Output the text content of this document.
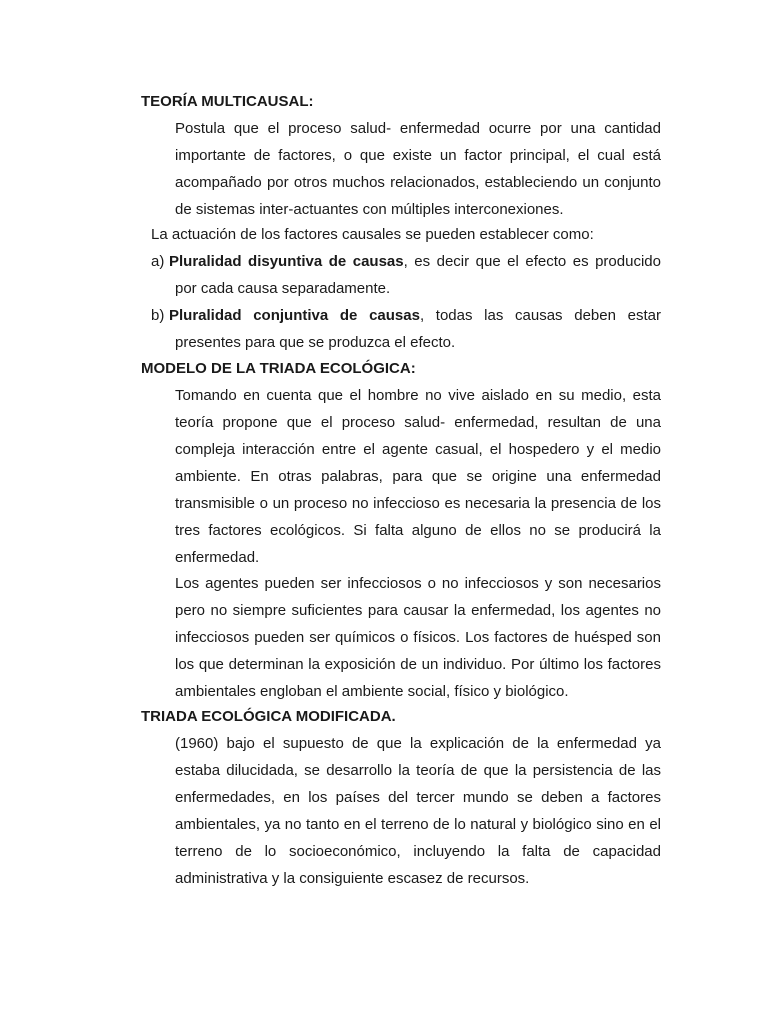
TEORÍA MULTICAUSAL:

Postula que el proceso salud- enfermedad ocurre por una cantidad importante de factores, o que existe un factor principal, el cual está acompañado por otros muchos relacionados, estableciendo un conjunto de sistemas inter-actuantes con múltiples interconexiones.

La actuación de los factores causales se pueden establecer como:
a) Pluralidad disyuntiva de causas, es decir que el efecto es producido
por cada causa separadamente.
b) Pluralidad conjuntiva de causas, todas las causas deben estar
presentes para que se produzca el efecto.
MODELO DE LA TRIADA ECOLÓGICA:

Tomando en cuenta que el hombre no vive aislado en su medio, esta teoría propone que el proceso salud- enfermedad, resultan de una compleja interacción entre el agente casual, el hospedero y el medio ambiente. En otras palabras, para que se origine una enfermedad transmisible o un proceso no infeccioso es necesaria la presencia de los tres factores ecológicos. Si falta alguno de ellos no se producirá la enfermedad.

Los agentes pueden ser infecciosos o no infecciosos y son necesarios pero no siempre suficientes para causar la enfermedad, los agentes no infecciosos pueden ser químicos o físicos. Los factores de huésped son los que determinan la exposición de un individuo. Por último los factores ambientales engloban el ambiente social, físico y biológico.

TRIADA ECOLÓGICA MODIFICADA.

(1960) bajo el supuesto de que la explicación de la enfermedad ya estaba dilucidada, se desarrollo la teoría de que la persistencia de las enfermedades, en los países del tercer mundo se deben a factores ambientales, ya no tanto en el terreno de lo natural y biológico sino en el terreno de lo socioeconómico, incluyendo la falta de capacidad administrativa y la consiguiente escasez de recursos.
